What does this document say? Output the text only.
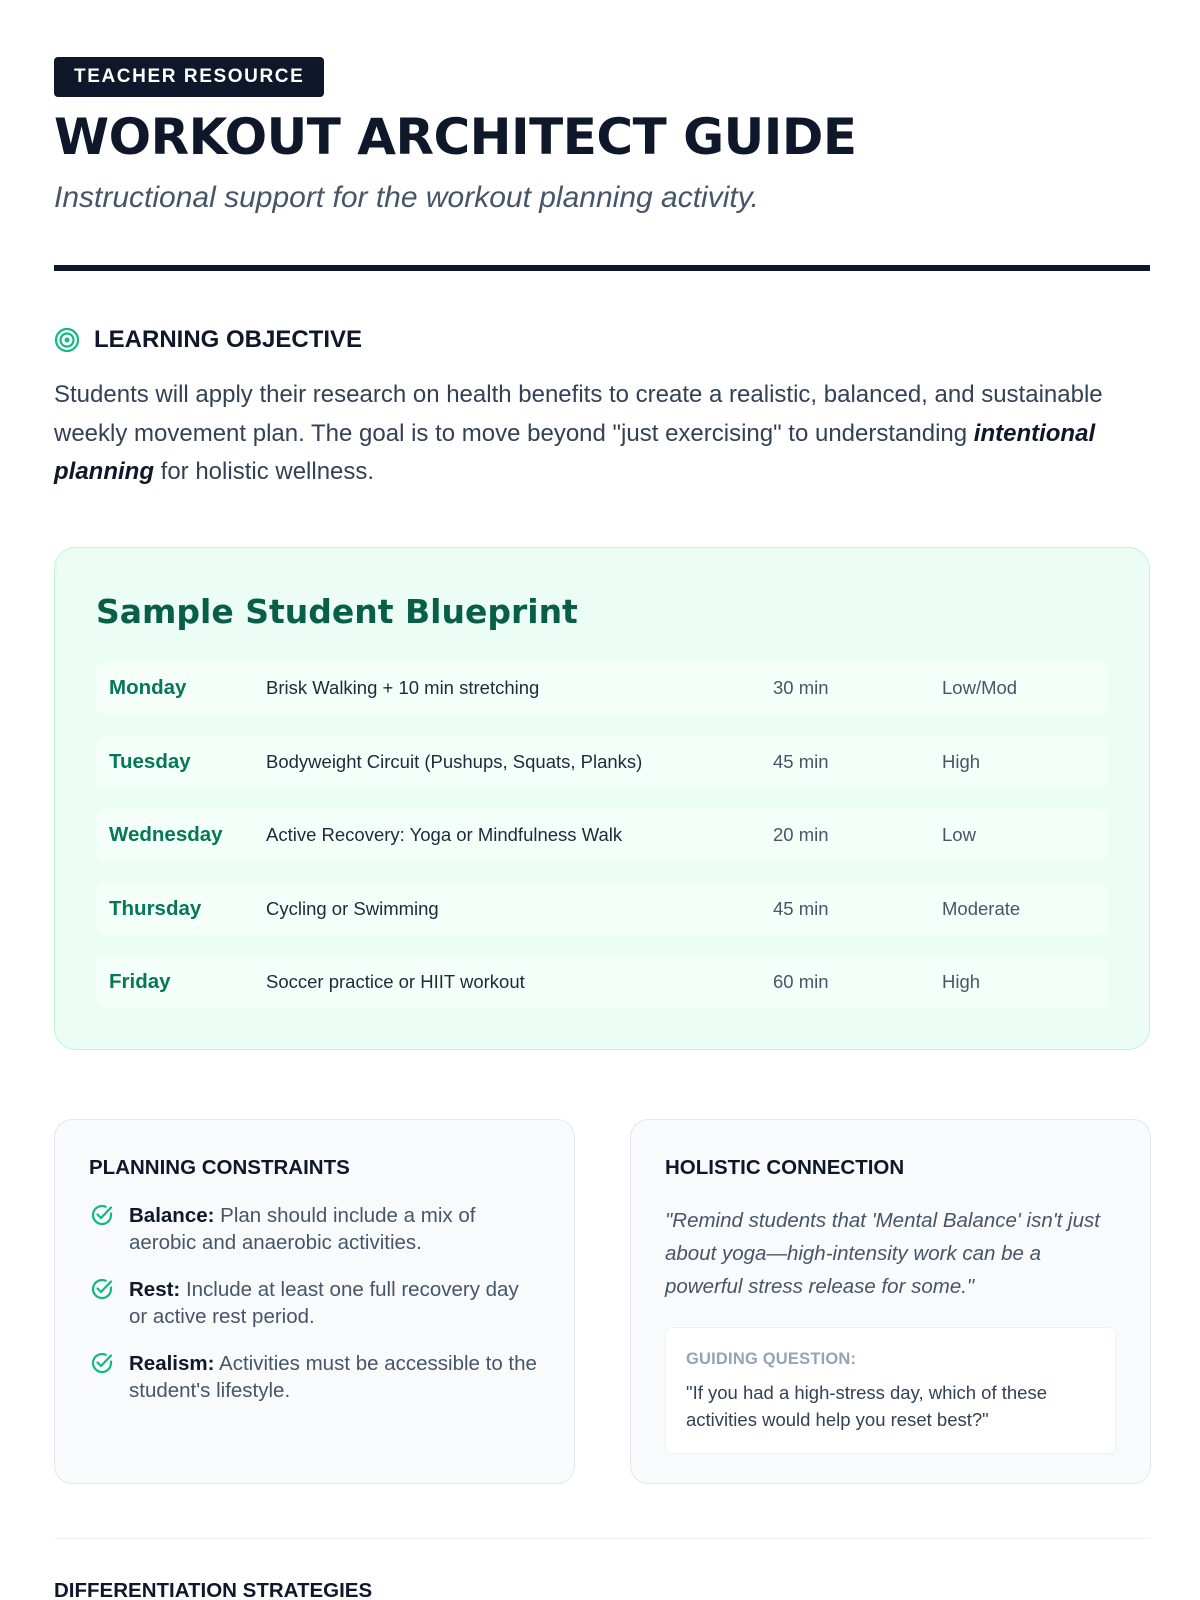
TEACHER RESOURCE
WORKOUT ARCHITECT GUIDE
Instructional support for the workout planning activity.
LEARNING OBJECTIVE

Students will apply their research on health benefits to create a realistic, balanced, and sustainable weekly movement plan. The goal is to move beyond "just exercising" to understanding intentional planning for holistic wellness.

Sample Student Blueprint
Monday	Brisk Walking + 10 min stretching	30 min	Low/Mod
Tuesday	Bodyweight Circuit (Pushups, Squats, Planks)	45 min	High
Wednesday	Active Recovery: Yoga or Mindfulness Walk	20 min	Low
Thursday	Cycling or Swimming	45 min	Moderate
Friday	Soccer practice or HIIT workout	60 min	High
PLANNING CONSTRAINTS
Balance: Plan should include a mix of aerobic and anaerobic activities.
Rest: Include at least one full recovery day or active rest period.
Realism: Activities must be accessible to the student's lifestyle.
HOLISTIC CONNECTION

"Remind students that 'Mental Balance' isn't just about yoga—high-intensity work can be a powerful stress release for some."

GUIDING QUESTION:
"If you had a high-stress day, which of these activities would help you reset best?"
DIFFERENTIATION STRATEGIES
